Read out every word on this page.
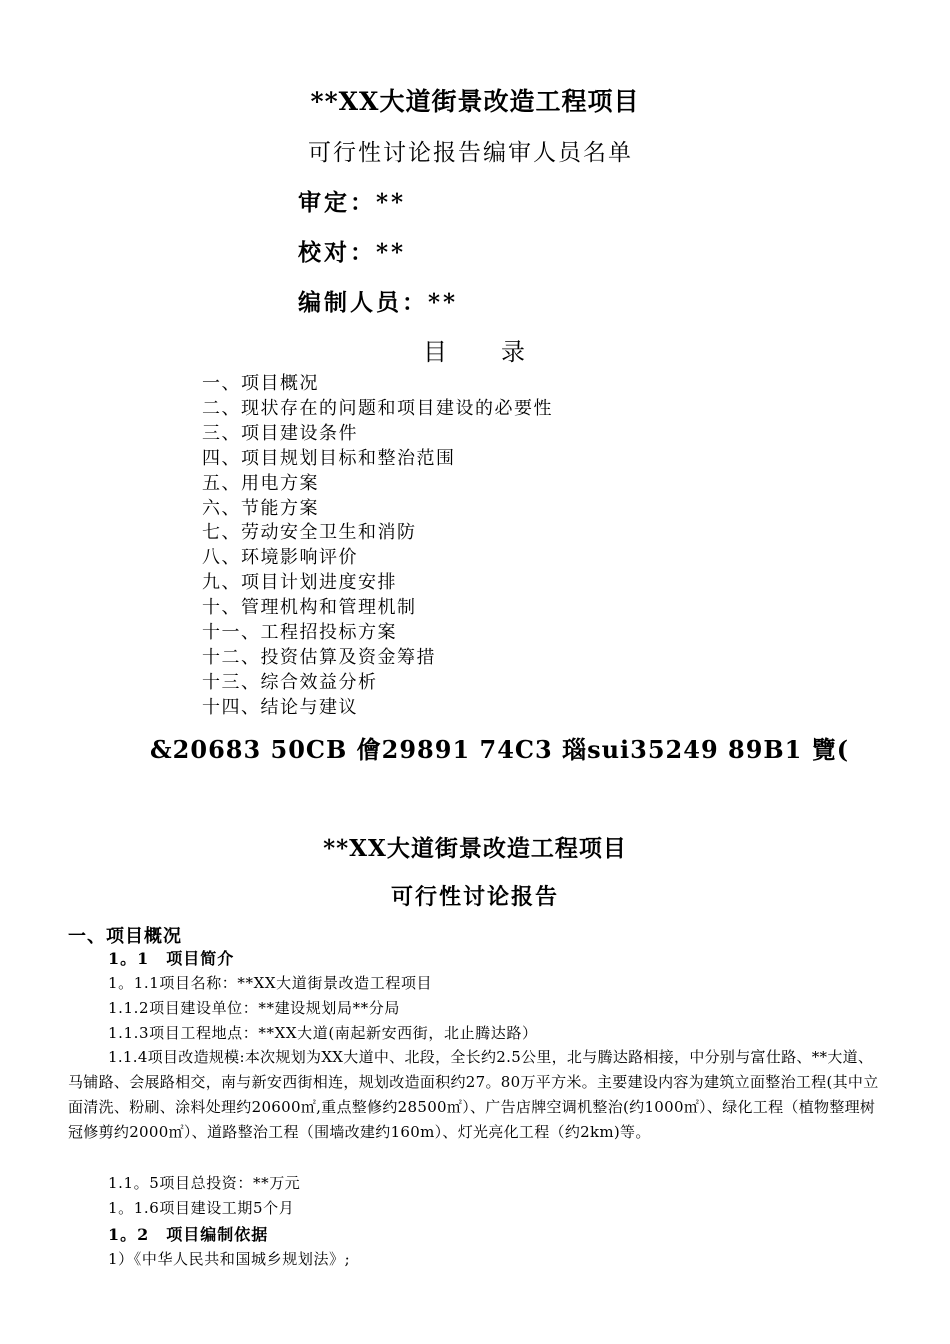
**XX大道街景改造工程项目
可行性讨论报告编审人员名单
审定：**
校对：**
编制人员：**
目　　录
一、项目概况
二、现状存在的问题和项目建设的必要性
三、项目建设条件
四、项目规划目标和整治范围
五、用电方案
六、节能方案
七、劳动安全卫生和消防
八、环境影响评价
九、项目计划进度安排
十、管理机构和管理机制
十一、工程招投标方案
十二、投资估算及资金筹措
十三、综合效益分析
十四、结论与建议
&20683 50CB 儈29891 74C3 瑙sui35249 89B1 覽(
**XX大道街景改造工程项目
可行性讨论报告
一、项目概况
1。1　项目简介
1。1.1项目名称：**XX大道街景改造工程项目
1.1.2项目建设单位：**建设规划局**分局
1.1.3项目工程地点：**XX大道(南起新安西街，北止腾达路）

1.1.4项目改造规模:本次规划为XX大道中、北段，全长约2.5公里，北与腾达路相接，中分别与富仕路、**大道、马铺路、会展路相交，南与新安西街相连，规划改造面积约27。80万平方米。主要建设内容为建筑立面整治工程(其中立面清洗、粉刷、涂料处理约20600㎡,重点整修约28500㎡）、广告店牌空调机整治(约1000㎡）、绿化工程（植物整理树冠修剪约2000㎡）、道路整治工程（围墙改建约160m）、灯光亮化工程（约2km)等。

1.1。5项目总投资：**万元
1。1.6项目建设工期5个月
1。2　项目编制依据
1）《中华人民共和国城乡规划法》;
